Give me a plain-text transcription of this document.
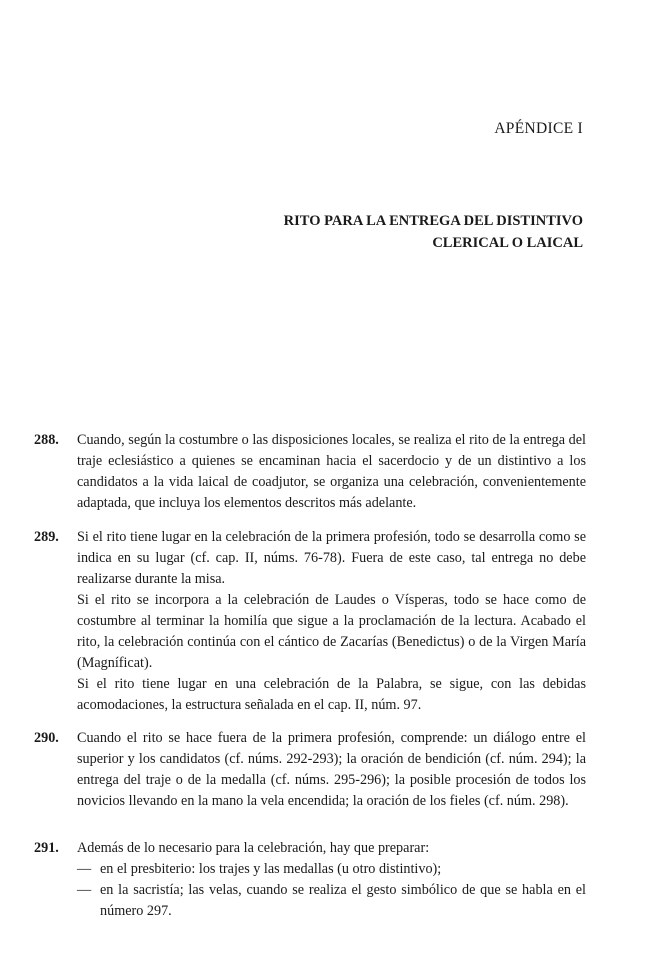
APÉNDICE I
RITO PARA LA ENTREGA DEL DISTINTIVO
CLERICAL O LAICAL
288. Cuando, según la costumbre o las disposiciones locales, se realiza el rito de la entrega del traje eclesiástico a quienes se encaminan hacia el sacerdocio y de un distintivo a los candidatos a la vida laical de coadjutor, se organiza una celebración, convenientemente adaptada, que incluya los elementos descritos más adelante.

289. Si el rito tiene lugar en la celebración de la primera profesión, todo se desarrolla como se indica en su lugar (cf. cap. II, núms. 76-78). Fuera de este caso, tal entrega no debe realizarse durante la misa.

Si el rito se incorpora a la celebración de Laudes o Vísperas, todo se hace como de costumbre al terminar la homilía que sigue a la proclamación de la lectura. Acabado el rito, la celebración continúa con el cántico de Zacarías (Benedictus) o de la Virgen María (Magníficat).

Si el rito tiene lugar en una celebración de la Palabra, se sigue, con las debidas acomodaciones, la estructura señalada en el cap. II, núm. 97.

290. Cuando el rito se hace fuera de la primera profesión, comprende: un diálogo entre el superior y los candidatos (cf. núms. 292-293); la oración de bendición (cf. núm. 294); la entrega del traje o de la medalla (cf. núms. 295-296); la posible procesión de todos los novicios llevando en la mano la vela encendida; la oración de los fieles (cf. núm. 298).

291. Además de lo necesario para la celebración, hay que preparar:

— en el presbiterio: los trajes y las medallas (u otro distintivo);
— en la sacristía; las velas, cuando se realiza el gesto simbólico de que se habla en el número 297.
